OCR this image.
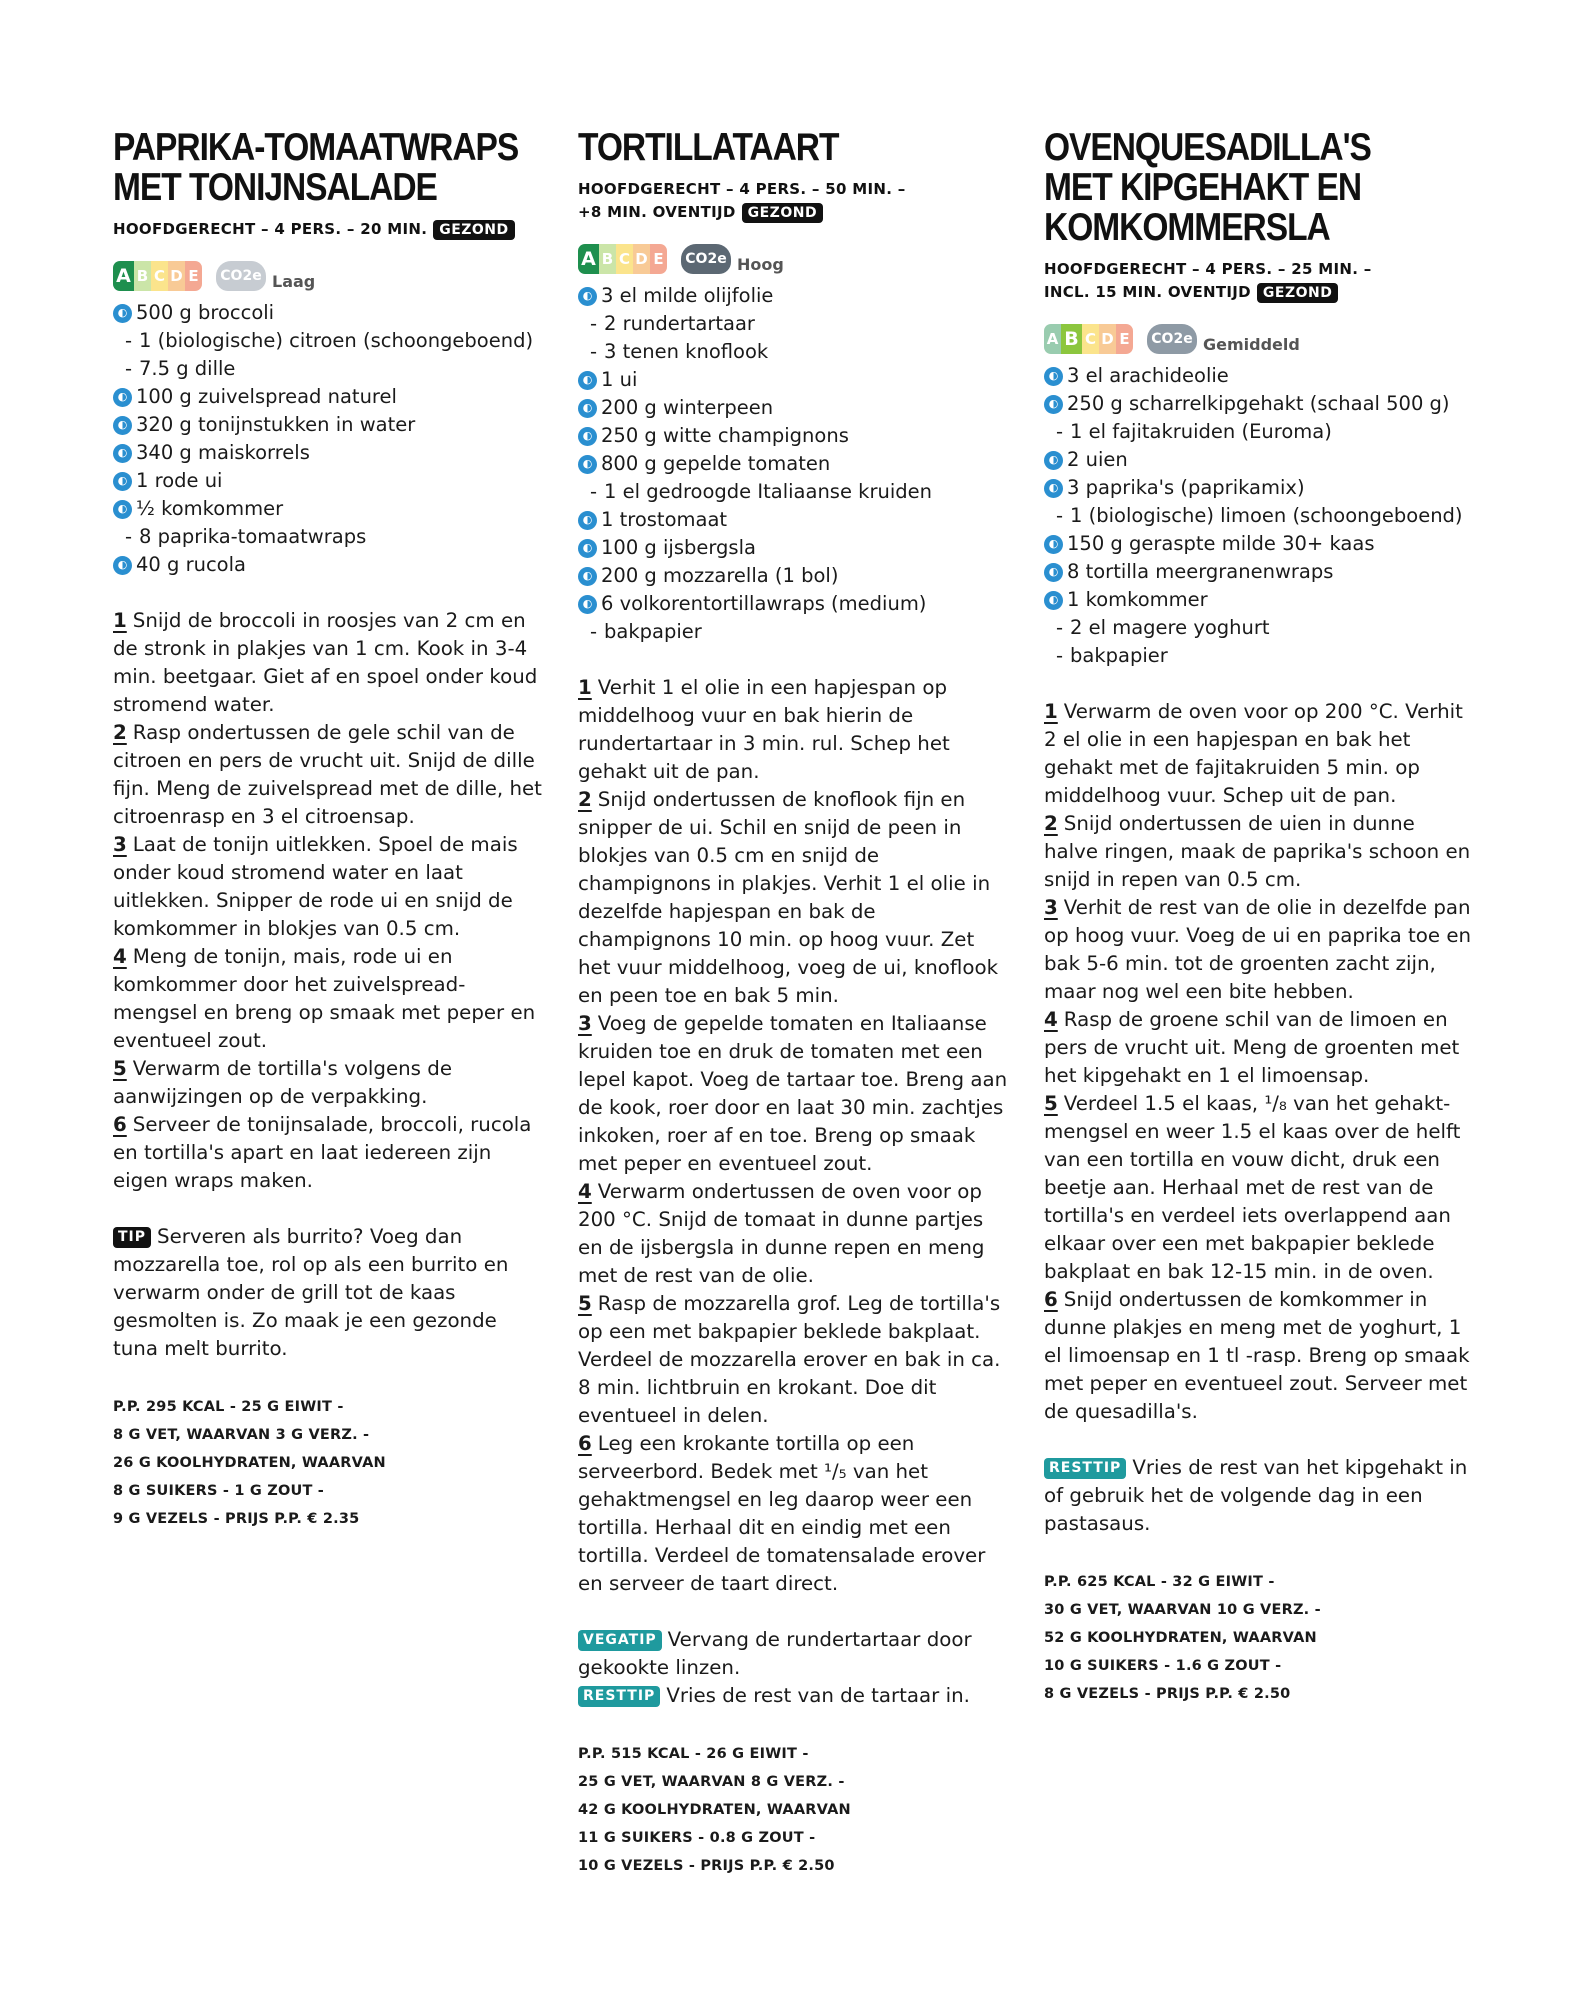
PAPRIKA-TOMAATWRAPS
MET TONIJNSALADE
HOOFDGERECHT – 4 PERS. – 20 MIN. GEZOND
A B C D E	CO2e Laag
◐ 500 g broccoli
- 1 (biologische) citroen (schoongeboend)
- 7.5 g dille
◐ 100 g zuivelspread naturel
◐ 320 g tonijnstukken in water
◐ 340 g maiskorrels
◐ 1 rode ui
◐ ½ komkommer
- 8 paprika-tomaatwraps
◐ 40 g rucola

1 Snijd de broccoli in roosjes van 2 cm en de stronk in plakjes van 1 cm. Kook in 3-4 min. beetgaar. Giet af en spoel onder koud stromend water.

2 Rasp ondertussen de gele schil van de citroen en pers de vrucht uit. Snijd de dille fijn. Meng de zuivelspread met de dille, het citroenrasp en 3 el citroensap.

3 Laat de tonijn uitlekken. Spoel de mais onder koud stromend water en laat uitlekken. Snipper de rode ui en snijd de komkommer in blokjes van 0.5 cm.

4 Meng de tonijn, mais, rode ui en komkommer door het zuivelspread-mengsel en breng op smaak met peper en eventueel zout.

5 Verwarm de tortilla's volgens de aanwijzingen op de verpakking.

6 Serveer de tonijnsalade, broccoli, rucola en tortilla's apart en laat iedereen zijn eigen wraps maken.

TIP Serveren als burrito? Voeg dan mozzarella toe, rol op als een burrito en verwarm onder de grill tot de kaas gesmolten is. Zo maak je een gezonde tuna melt burrito.

P.P. 295 KCAL - 25 G EIWIT -
8 G VET, WAARVAN 3 G VERZ. -
26 G KOOLHYDRATEN, WAARVAN
8 G SUIKERS - 1 G ZOUT -
9 G VEZELS - PRIJS P.P. € 2.35
TORTILLATAART
HOOFDGERECHT – 4 PERS. – 50 MIN. –
+8 MIN. OVENTIJD GEZOND
A B C D E	CO2e Hoog
◐ 3 el milde olijfolie
- 2 rundertartaar
- 3 tenen knoflook
◐ 1 ui
◐ 200 g winterpeen
◐ 250 g witte champignons
◐ 800 g gepelde tomaten
- 1 el gedroogde Italiaanse kruiden
◐ 1 trostomaat
◐ 100 g ijsbergsla
◐ 200 g mozzarella (1 bol)
◐ 6 volkorentortillawraps (medium)
- bakpapier

1 Verhit 1 el olie in een hapjespan op middelhoog vuur en bak hierin de rundertartaar in 3 min. rul. Schep het gehakt uit de pan.

2 Snijd ondertussen de knoflook fijn en snipper de ui. Schil en snijd de peen in blokjes van 0.5 cm en snijd de champignons in plakjes. Verhit 1 el olie in dezelfde hapjespan en bak de champignons 10 min. op hoog vuur. Zet het vuur middelhoog, voeg de ui, knoflook en peen toe en bak 5 min.

3 Voeg de gepelde tomaten en Italiaanse kruiden toe en druk de tomaten met een lepel kapot. Voeg de tartaar toe. Breng aan de kook, roer door en laat 30 min. zachtjes inkoken, roer af en toe. Breng op smaak met peper en eventueel zout.

4 Verwarm ondertussen de oven voor op 200 °C. Snijd de tomaat in dunne partjes en de ijsbergsla in dunne repen en meng met de rest van de olie.

5 Rasp de mozzarella grof. Leg de tortilla's op een met bakpapier beklede bakplaat. Verdeel de mozzarella erover en bak in ca. 8 min. lichtbruin en krokant. Doe dit eventueel in delen.

6 Leg een krokante tortilla op een serveerbord. Bedek met ¹/₅ van het gehaktmengsel en leg daarop weer een tortilla. Herhaal dit en eindig met een tortilla. Verdeel de tomatensalade erover en serveer de taart direct.

VEGATIP Vervang de rundertartaar door gekookte linzen.

RESTTIP Vries de rest van de tartaar in.

P.P. 515 KCAL - 26 G EIWIT -
25 G VET, WAARVAN 8 G VERZ. -
42 G KOOLHYDRATEN, WAARVAN
11 G SUIKERS - 0.8 G ZOUT -
10 G VEZELS - PRIJS P.P. € 2.50
OVENQUESADILLA'S
MET KIPGEHAKT EN
KOMKOMMERSLA
HOOFDGERECHT – 4 PERS. – 25 MIN. –
INCL. 15 MIN. OVENTIJD GEZOND
A B C D E	CO2e Gemiddeld
◐ 3 el arachideolie
◐ 250 g scharrelkipgehakt (schaal 500 g)
- 1 el fajitakruiden (Euroma)
◐ 2 uien
◐ 3 paprika's (paprikamix)
- 1 (biologische) limoen (schoongeboend)
◐ 150 g geraspte milde 30+ kaas
◐ 8 tortilla meergranenwraps
◐ 1 komkommer
- 2 el magere yoghurt
- bakpapier

1 Verwarm de oven voor op 200 °C. Verhit 2 el olie in een hapjespan en bak het gehakt met de fajitakruiden 5 min. op middelhoog vuur. Schep uit de pan.

2 Snijd ondertussen de uien in dunne halve ringen, maak de paprika's schoon en snijd in repen van 0.5 cm.

3 Verhit de rest van de olie in dezelfde pan op hoog vuur. Voeg de ui en paprika toe en bak 5-6 min. tot de groenten zacht zijn, maar nog wel een bite hebben.

4 Rasp de groene schil van de limoen en pers de vrucht uit. Meng de groenten met het kipgehakt en 1 el limoensap.

5 Verdeel 1.5 el kaas, ¹/₈ van het gehakt-mengsel en weer 1.5 el kaas over de helft van een tortilla en vouw dicht, druk een beetje aan. Herhaal met de rest van de tortilla's en verdeel iets overlappend aan elkaar over een met bakpapier beklede bakplaat en bak 12-15 min. in de oven.

6 Snijd ondertussen de komkommer in dunne plakjes en meng met de yoghurt, 1 el limoensap en 1 tl -rasp. Breng op smaak met peper en eventueel zout. Serveer met de quesadilla's.

RESTTIP Vries de rest van het kipgehakt in of gebruik het de volgende dag in een pastasaus.

P.P. 625 KCAL - 32 G EIWIT -
30 G VET, WAARVAN 10 G VERZ. -
52 G KOOLHYDRATEN, WAARVAN
10 G SUIKERS - 1.6 G ZOUT -
8 G VEZELS - PRIJS P.P. € 2.50
